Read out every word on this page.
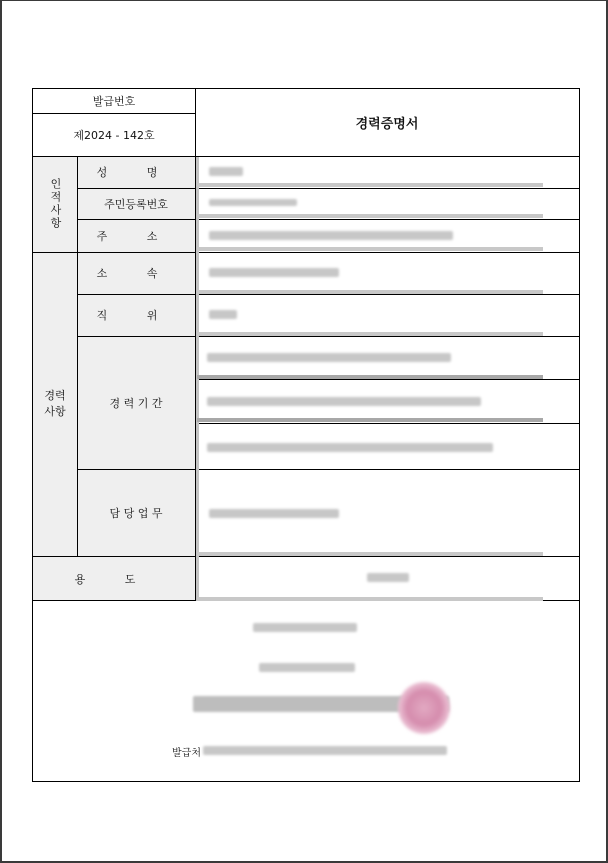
발급번호
제2024 - 142호
경력증명서
인적사항
경력사항
성 명
주민등록번호
주 소
소 속
직 위
경 력 기 간
담 당 업 무
용 도
발급처
